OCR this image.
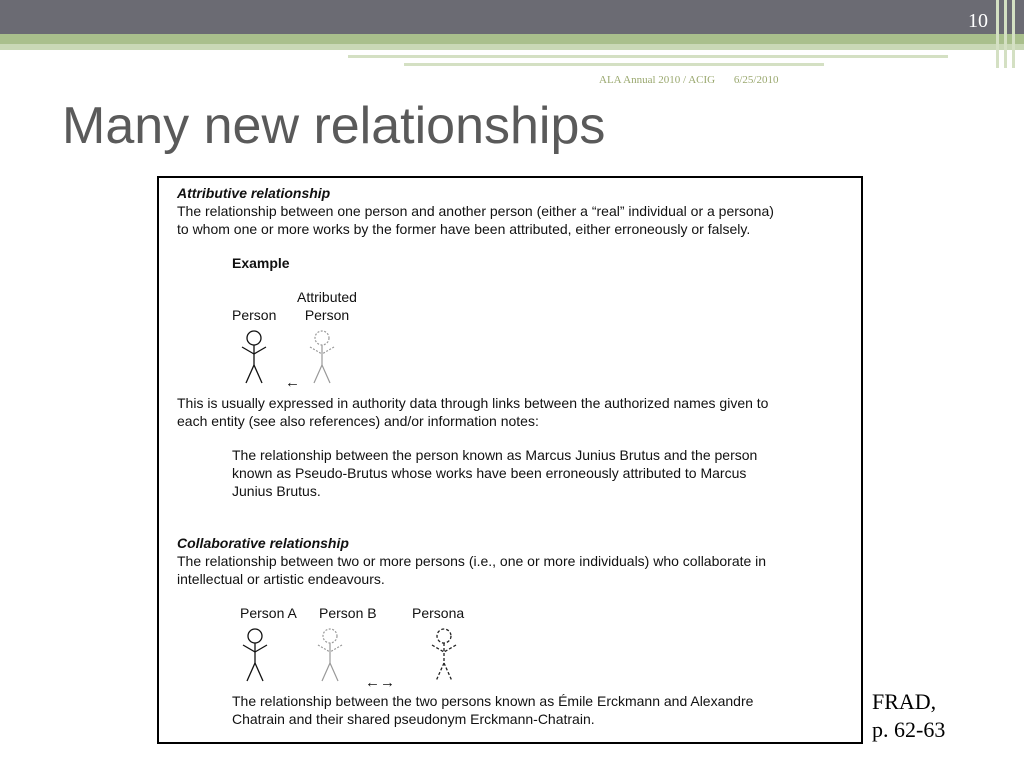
10
ALA Annual 2010 / ACIG 6/25/2010
Many new relationships

Attributive relationship

The relationship between one person and another person (either a “real” individual or a persona)

to whom one or more works by the former have been attributed, either erroneously or falsely.

Example

Person

Attributed

Person

←

This is usually expressed in authority data through links between the authorized names given to

each entity (see also references) and/or information notes:

The relationship between the person known as Marcus Junius Brutus and the person

known as Pseudo-Brutus whose works have been erroneously attributed to Marcus

Junius Brutus.

Collaborative relationship

The relationship between two or more persons (i.e., one or more individuals) who collaborate in

intellectual or artistic endeavours.

Person A Person B	Persona

←→

The relationship between the two persons known as Émile Erckmann and Alexandre

Chatrain and their shared pseudonym Erckmann-Chatrain.

FRAD,
p. 62-63
